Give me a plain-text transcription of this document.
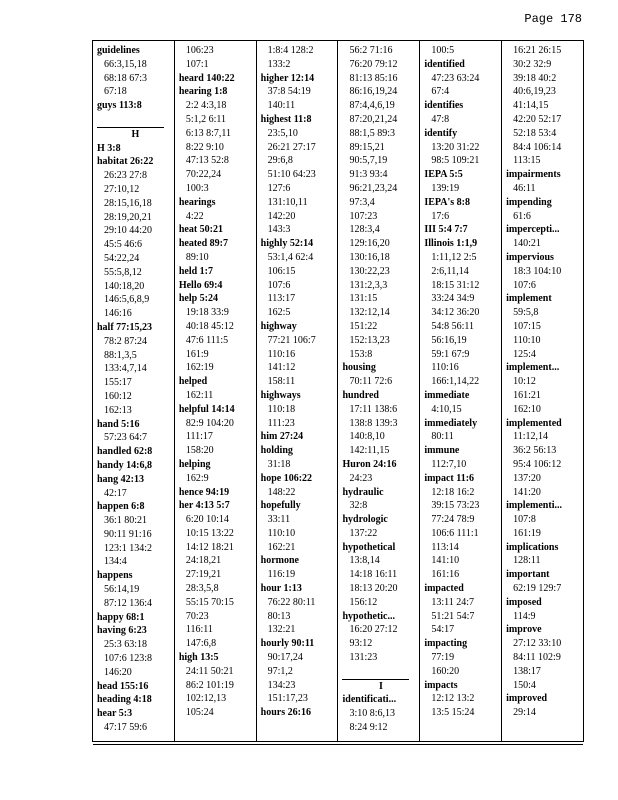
Page 178
guidelines
66:3,15,18
68:18 67:3
67:18
guys 113:8
H
H 3:8
habitat 26:22
26:23 27:8
27:10,12
28:15,16,18
28:19,20,21
29:10 44:20
45:5 46:6
54:22,24
55:5,8,12
140:18,20
146:5,6,8,9
146:16
half 77:15,23
78:2 87:24
88:1,3,5
133:4,7,14
155:17
160:12
162:13
hand 5:16
57:23 64:7
handled 62:8
handy 14:6,8
hang 42:13
42:17
happen 6:8
36:1 80:21
90:11 91:16
123:1 134:2
134:4
happens
56:14,19
87:12 136:4
happy 68:1
having 6:23
25:3 63:18
107:6 123:8
146:20
head 155:16
heading 4:18
hear 5:3
47:17 59:6
106:23
107:1
heard 140:22
hearing 1:8
2:2 4:3,18
5:1,2 6:11
6:13 8:7,11
8:22 9:10
47:13 52:8
70:22,24
100:3
hearings
4:22
heat 50:21
heated 89:7
89:10
held 1:7
Hello 69:4
help 5:24
19:18 33:9
40:18 45:12
47:6 111:5
161:9
162:19
helped
162:11
helpful 14:14
82:9 104:20
111:17
158:20
helping
162:9
hence 94:19
her 4:13 5:7
6:20 10:14
10:15 13:22
14:12 18:21
24:18,21
27:19,21
28:3,5,8
55:15 70:15
70:23
116:11
147:6,8
high 13:5
24:11 50:21
86:2 101:19
102:12,13
105:24
1:8:4 128:2
133:2
higher 12:14
37:8 54:19
140:11
highest 11:8
23:5,10
26:21 27:17
29:6,8
51:10 64:23
127:6
131:10,11
142:20
143:3
highly 52:14
53:1,4 62:4
106:15
107:6
113:17
162:5
highway
77:21 106:7
110:16
141:12
158:11
highways
110:18
111:23
him 27:24
holding
31:18
hope 106:22
148:22
hopefully
33:11
110:10
162:21
hormone
116:19
hour 1:13
76:22 80:11
80:13
132:21
hourly 90:11
90:17,24
97:1,2
134:23
151:17,23
hours 26:16
56:2 71:16
76:20 79:12
81:13 85:16
86:16,19,24
87:4,4,6,19
87:20,21,24
88:1,5 89:3
89:15,21
90:5,7,19
91:3 93:4
96:21,23,24
97:3,4
107:23
128:3,4
129:16,20
130:16,18
130:22,23
131:2,3,3
131:15
132:12,14
151:22
152:13,23
153:8
housing
70:11 72:6
hundred
17:11 138:6
138:8 139:3
140:8,10
142:11,15
Huron 24:16
24:23
hydraulic
32:8
hydrologic
137:22
hypothetical
13:8,14
14:18 16:11
18:13 20:20
156:12
hypothetic...
16:20 27:12
93:12
131:23
I
identificati...
3:10 8:6,13
8:24 9:12
100:5
identified
47:23 63:24
67:4
identifies
47:8
identify
13:20 31:22
98:5 109:21
IEPA 5:5
139:19
IEPA's 8:8
17:6
III 5:4 7:7
Illinois 1:1,9
1:11,12 2:5
2:6,11,14
18:15 31:12
33:24 34:9
34:12 36:20
54:8 56:11
56:16,19
59:1 67:9
110:16
166:1,14,22
immediate
4:10,15
immediately
80:11
immune
112:7,10
impact 11:6
12:18 16:2
39:15 73:23
77:24 78:9
106:6 111:1
113:14
141:10
161:16
impacted
13:11 24:7
51:21 54:7
54:17
impacting
77:19
160:20
impacts
12:12 13:2
13:5 15:24
16:21 26:15
30:2 32:9
39:18 40:2
40:6,19,23
41:14,15
42:20 52:17
52:18 53:4
84:4 106:14
113:15
impairments
46:11
impending
61:6
impercepti...
140:21
impervious
18:3 104:10
107:6
implement
59:5,8
107:15
110:10
125:4
implement...
10:12
161:21
162:10
implemented
11:12,14
36:2 56:13
95:4 106:12
137:20
141:20
implementi...
107:8
161:19
implications
128:11
important
62:19 129:7
imposed
114:9
improve
27:12 33:10
84:11 102:9
138:17
150:4
improved
29:14
